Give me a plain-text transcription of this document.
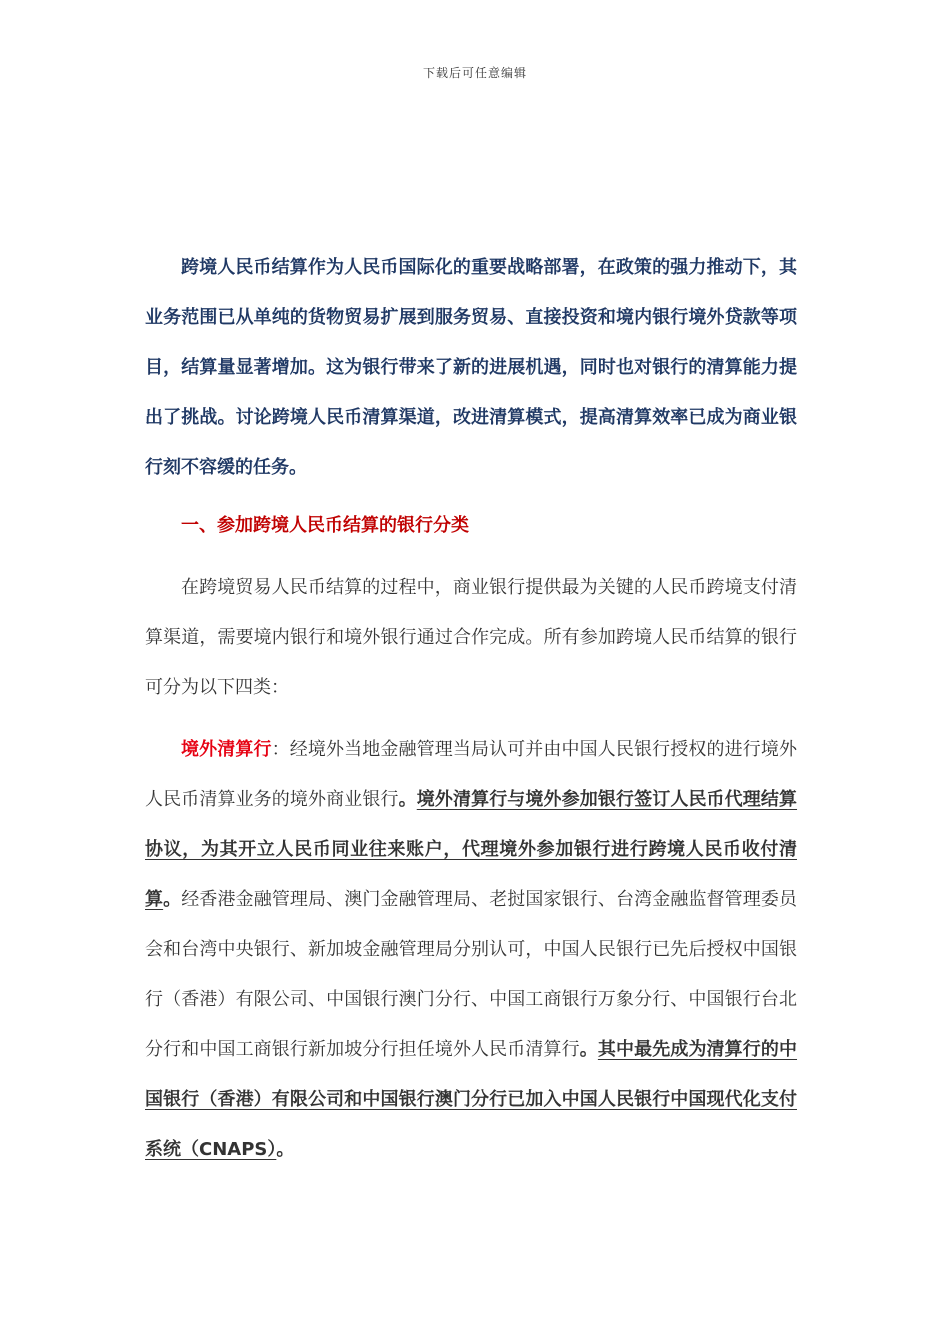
下载后可任意编辑

跨境人民币结算作为人民币国际化的重要战略部署，在政策的强力推动下，其业务范围已从单纯的货物贸易扩展到服务贸易、直接投资和境内银行境外贷款等项目，结算量显著增加。这为银行带来了新的进展机遇，同时也对银行的清算能力提出了挑战。讨论跨境人民币清算渠道，改进清算模式，提高清算效率已成为商业银行刻不容缓的任务。

一、参加跨境人民币结算的银行分类

在跨境贸易人民币结算的过程中，商业银行提供最为关键的人民币跨境支付清算渠道，需要境内银行和境外银行通过合作完成。所有参加跨境人民币结算的银行可分为以下四类：

境外清算行：经境外当地金融管理当局认可并由中国人民银行授权的进行境外人民币清算业务的境外商业银行。境外清算行与境外参加银行签订人民币代理结算协议，为其开立人民币同业往来账户，代理境外参加银行进行跨境人民币收付清算。经香港金融管理局、澳门金融管理局、老挝国家银行、台湾金融监督管理委员会和台湾中央银行、新加坡金融管理局分别认可，中国人民银行已先后授权中国银行（香港）有限公司、中国银行澳门分行、中国工商银行万象分行、中国银行台北分行和中国工商银行新加坡分行担任境外人民币清算行。其中最先成为清算行的中国银行（香港）有限公司和中国银行澳门分行已加入中国人民银行中国现代化支付系统（CNAPS）。
